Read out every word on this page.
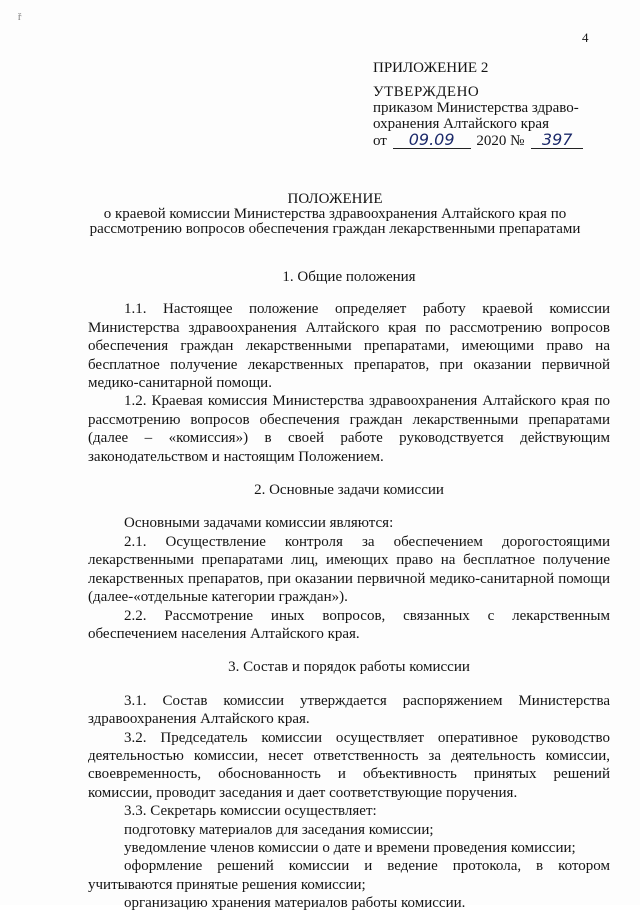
ř
4
ПРИЛОЖЕНИЕ 2
УТВЕРЖДЕНО
приказом Министерства здраво-
охранения Алтайского края
от 09.09 2020 № 397
ПОЛОЖЕНИЕ
о краевой комиссии Министерства здравоохранения Алтайского края по
рассмотрению вопросов обеспечения граждан лекарственными препаратами
1. Общие положения

1.1. Настоящее положение определяет работу краевой комиссии Министерства здравоохранения Алтайского края по рассмотрению вопросов обеспечения граждан лекарственными препаратами, имеющими право на бесплатное получение лекарственных препаратов, при оказании первичной медико-санитарной помощи.

1.2. Краевая комиссия Министерства здравоохранения Алтайского края по рассмотрению вопросов обеспечения граждан лекарственными препаратами (далее – «комиссия») в своей работе руководствуется действующим законодательством и настоящим Положением.

2. Основные задачи комиссии

Основными задачами комиссии являются:

2.1. Осуществление контроля за обеспечением дорогостоящими лекарственными препаратами лиц, имеющих право на бесплатное получение лекарственных препаратов, при оказании первичной медико-санитарной помощи (далее-«отдельные категории граждан»).

2.2. Рассмотрение иных вопросов, связанных с лекарственным обеспечением населения Алтайского края.

3. Состав и порядок работы комиссии

3.1. Состав комиссии утверждается распоряжением Министерства здравоохранения Алтайского края.

3.2. Председатель комиссии осуществляет оперативное руководство деятельностью комиссии, несет ответственность за деятельность комиссии, своевременность, обоснованность и объективность принятых решений комиссии, проводит заседания и дает соответствующие поручения.

3.3. Секретарь комиссии осуществляет:

подготовку материалов для заседания комиссии;

уведомление членов комиссии о дате и времени проведения комиссии;

оформление решений комиссии и ведение протокола, в котором учитываются принятые решения комиссии;

организацию хранения материалов работы комиссии.
